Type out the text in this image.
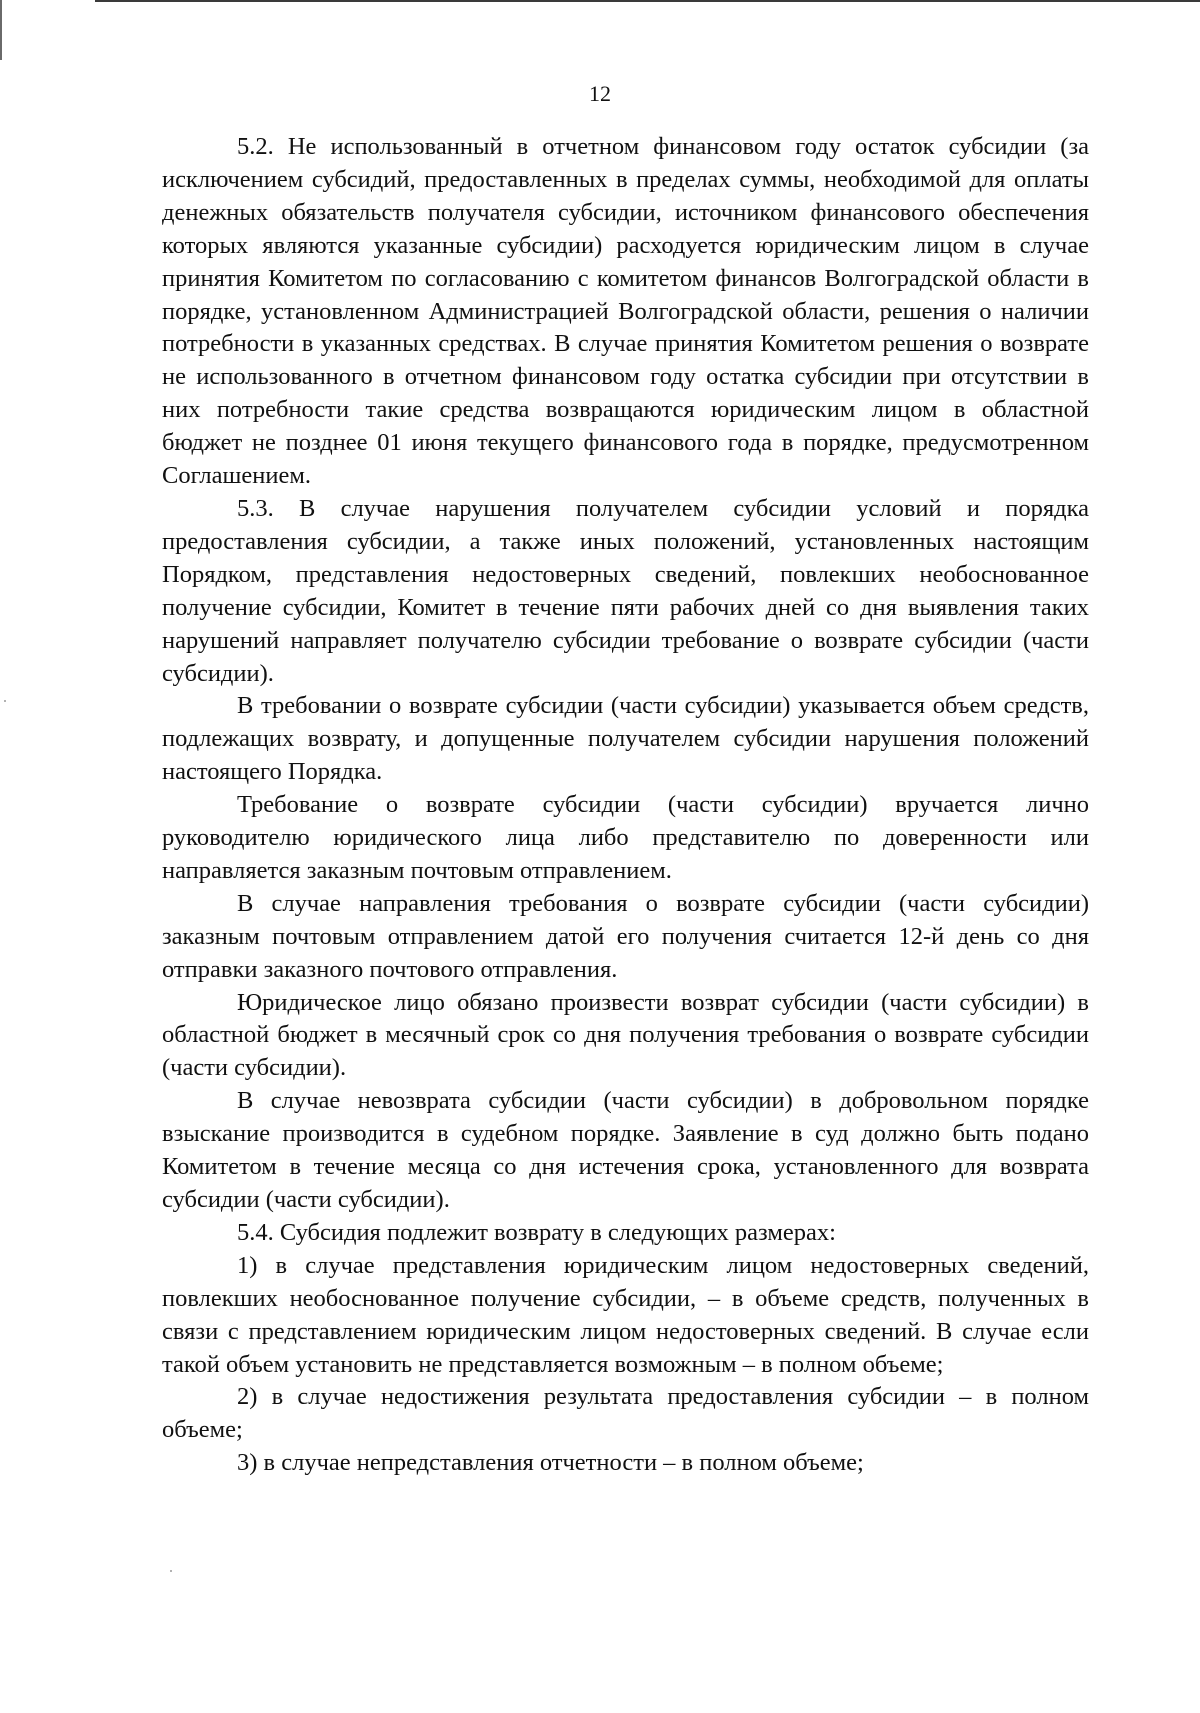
12

5.2. Не использованный в отчетном финансовом году остаток субсидии (за исключением субсидий, предоставленных в пределах суммы, необходимой для оплаты денежных обязательств получателя субсидии, источником финансового обеспечения которых являются указанные субсидии) расходуется юридическим лицом в случае принятия Комитетом по согласованию с комитетом финансов Волгоградской области в порядке, установленном Администрацией Волгоградской области, решения о наличии потребности в указанных средствах. В случае принятия Комитетом решения о возврате не использованного в отчетном финансовом году остатка субсидии при отсутствии в них потребности такие средства возвращаются юридическим лицом в областной бюджет не позднее 01 июня текущего финансового года в порядке, предусмотренном Соглашением.

5.3. В случае нарушения получателем субсидии условий и порядка предоставления субсидии, а также иных положений, установленных настоящим Порядком, представления недостоверных сведений, повлекших необоснованное получение субсидии, Комитет в течение пяти рабочих дней со дня выявления таких нарушений направляет получателю субсидии требование о возврате субсидии (части субсидии).

В требовании о возврате субсидии (части субсидии) указывается объем средств, подлежащих возврату, и допущенные получателем субсидии нарушения положений настоящего Порядка.

Требование о возврате субсидии (части субсидии) вручается лично руководителю юридического лица либо представителю по доверенности или направляется заказным почтовым отправлением.

В случае направления требования о возврате субсидии (части субсидии) заказным почтовым отправлением датой его получения считается 12-й день со дня отправки заказного почтового отправления.

Юридическое лицо обязано произвести возврат субсидии (части субсидии) в областной бюджет в месячный срок со дня получения требования о возврате субсидии (части субсидии).

В случае невозврата субсидии (части субсидии) в добровольном порядке взыскание производится в судебном порядке. Заявление в суд должно быть подано Комитетом в течение месяца со дня истечения срока, установленного для возврата субсидии (части субсидии).

5.4. Субсидия подлежит возврату в следующих размерах:

1) в случае представления юридическим лицом недостоверных сведений, повлекших необоснованное получение субсидии, – в объеме средств, полученных в связи с представлением юридическим лицом недостоверных сведений. В случае если такой объем установить не представляется возможным – в полном объеме;

2) в случае недостижения результата предоставления субсидии – в полном объеме;

3) в случае непредставления отчетности – в полном объеме;
